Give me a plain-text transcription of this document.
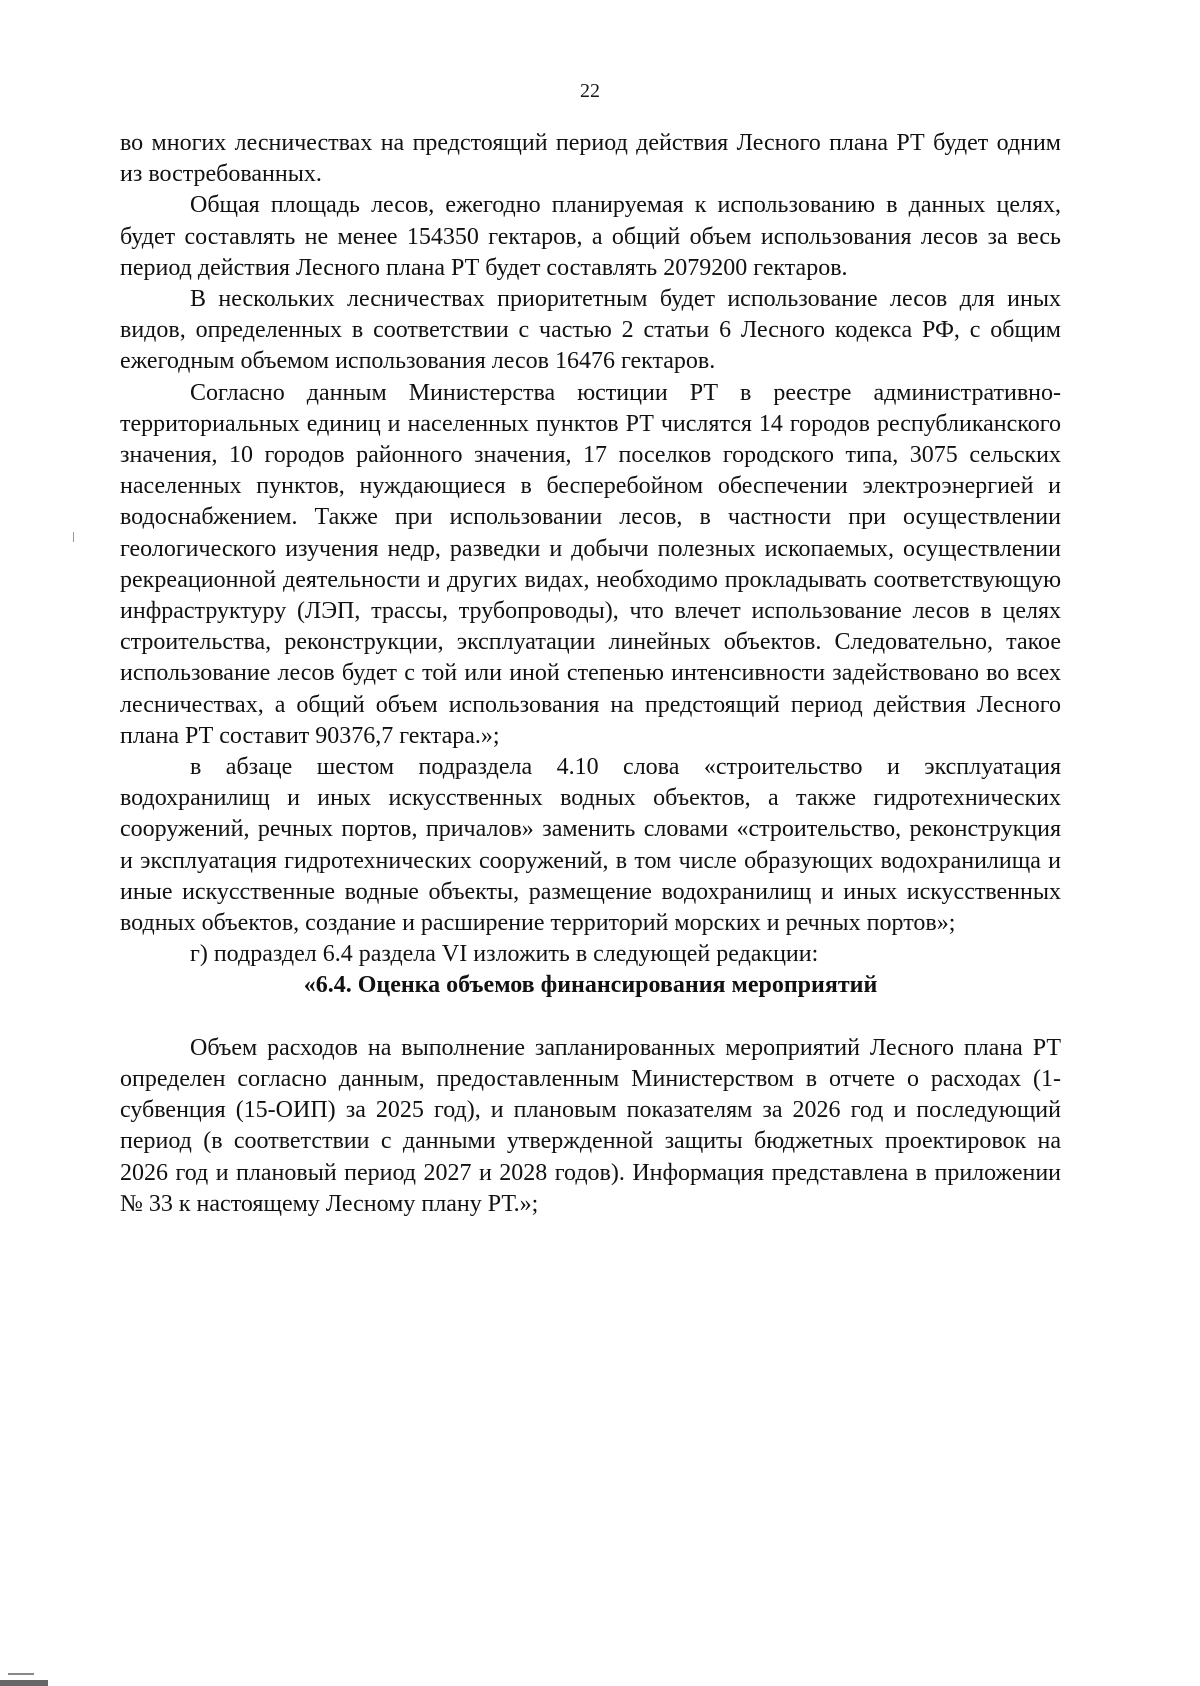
22

во многих лесничествах на предстоящий период действия Лесного плана РТ будет одним из востребованных.

Общая площадь лесов, ежегодно планируемая к использованию в данных целях, будет составлять не менее 154350 гектаров, а общий объем использования лесов за весь период действия Лесного плана РТ будет составлять 2079200 гектаров.

В нескольких лесничествах приоритетным будет использование лесов для иных видов, определенных в соответствии с частью 2 статьи 6 Лесного кодекса РФ, с общим ежегодным объемом использования лесов 16476 гектаров.

Согласно данным Министерства юстиции РТ в реестре административно-территориальных единиц и населенных пунктов РТ числятся 14 городов республиканского значения, 10 городов районного значения, 17 поселков городского типа, 3075 сельских населенных пунктов, нуждающиеся в бесперебойном обеспечении электроэнергией и водоснабжением. Также при использовании лесов, в частности при осуществлении геологического изучения недр, разведки и добычи полезных ископаемых, осуществлении рекреационной деятельности и других видах, необходимо прокладывать соответствующую инфраструктуру (ЛЭП, трассы, трубопроводы), что влечет использование лесов в целях строительства, реконструкции, эксплуатации линейных объектов. Следовательно, такое использование лесов будет с той или иной степенью интенсивности задействовано во всех лесничествах, а общий объем использования на предстоящий период действия Лесного плана РТ составит 90376,7 гектара.»;

в абзаце шестом подраздела 4.10 слова «строительство и эксплуатация водохранилищ и иных искусственных водных объектов, а также гидротехнических сооружений, речных портов, причалов» заменить словами «строительство, реконструкция и эксплуатация гидротехнических сооружений, в том числе образующих водохранилища и иные искусственные водные объекты, размещение водохранилищ и иных искусственных водных объектов, создание и расширение территорий морских и речных портов»;

г) подраздел 6.4 раздела VI изложить в следующей редакции:

«6.4. Оценка объемов финансирования мероприятий

Объем расходов на выполнение запланированных мероприятий Лесного плана РТ определен согласно данным, предоставленным Министерством в отчете о расходах (1-субвенция (15-ОИП) за 2025 год), и плановым показателям за 2026 год и последующий период (в соответствии с данными утвержденной защиты бюджетных проектировок на 2026 год и плановый период 2027 и 2028 годов). Информация представлена в приложении № 33 к настоящему Лесному плану РТ.»;
